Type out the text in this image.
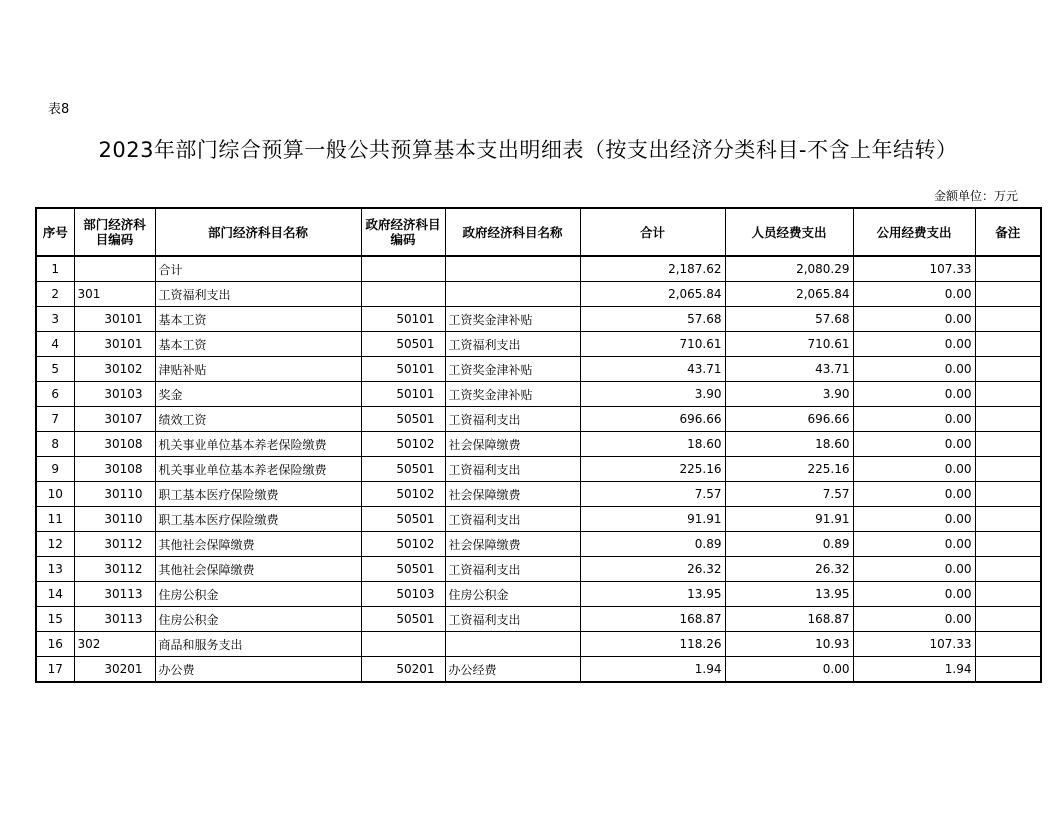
表8
2023年部门综合预算一般公共预算基本支出明细表（按支出经济分类科目-不含上年结转）
金额单位：万元
序号	部门经济科目编码	部门经济科目名称	政府经济科目编码	政府经济科目名称	合计	人员经费支出	公用经费支出	备注
1		合计			2,187.62	2,080.29	107.33	
2	301	工资福利支出			2,065.84	2,065.84	0.00	
3	30101	基本工资	50101	工资奖金津补贴	57.68	57.68	0.00	
4	30101	基本工资	50501	工资福利支出	710.61	710.61	0.00	
5	30102	津贴补贴	50101	工资奖金津补贴	43.71	43.71	0.00	
6	30103	奖金	50101	工资奖金津补贴	3.90	3.90	0.00	
7	30107	绩效工资	50501	工资福利支出	696.66	696.66	0.00	
8	30108	机关事业单位基本养老保险缴费	50102	社会保障缴费	18.60	18.60	0.00	
9	30108	机关事业单位基本养老保险缴费	50501	工资福利支出	225.16	225.16	0.00	
10	30110	职工基本医疗保险缴费	50102	社会保障缴费	7.57	7.57	0.00	
11	30110	职工基本医疗保险缴费	50501	工资福利支出	91.91	91.91	0.00	
12	30112	其他社会保障缴费	50102	社会保障缴费	0.89	0.89	0.00	
13	30112	其他社会保障缴费	50501	工资福利支出	26.32	26.32	0.00	
14	30113	住房公积金	50103	住房公积金	13.95	13.95	0.00	
15	30113	住房公积金	50501	工资福利支出	168.87	168.87	0.00	
16	302	商品和服务支出			118.26	10.93	107.33	
17	30201	办公费	50201	办公经费	1.94	0.00	1.94	
